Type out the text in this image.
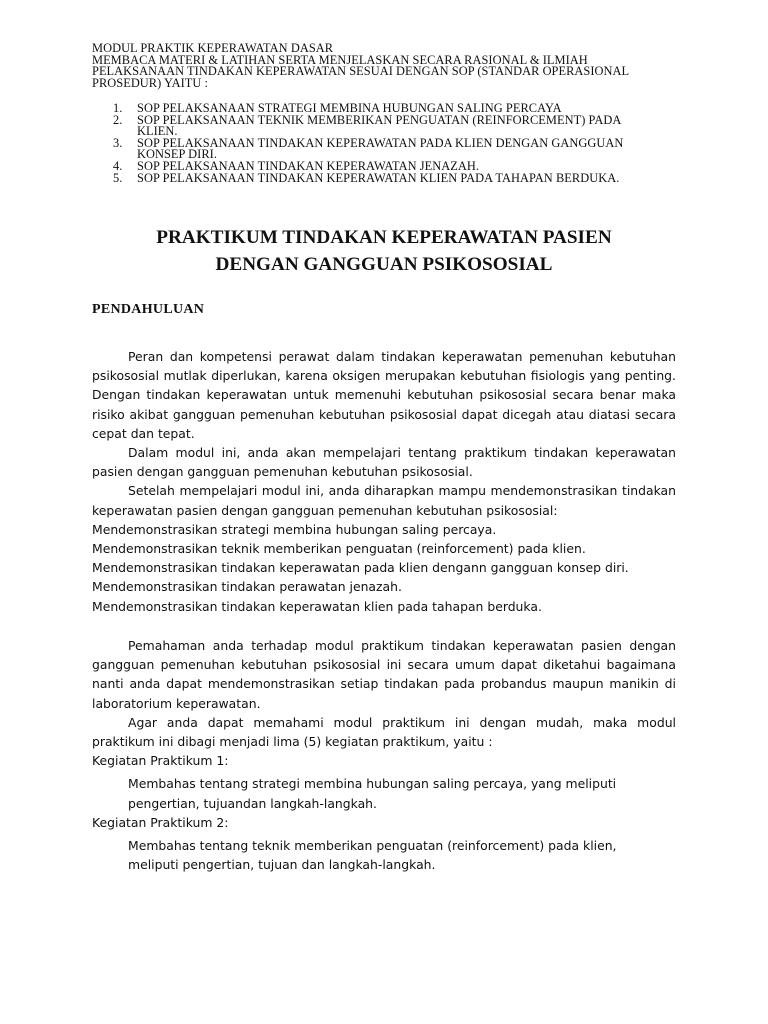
MODUL PRAKTIK KEPERAWATAN DASAR
MEMBACA MATERI & LATIHAN SERTA MENJELASKAN SECARA RASIONAL & ILMIAH
PELAKSANAAN TINDAKAN KEPERAWATAN SESUAI DENGAN SOP (STANDAR OPERASIONAL
PROSEDUR) YAITU :
1.	SOP PELAKSANAAN STRATEGI MEMBINA HUBUNGAN SALING PERCAYA
2.	SOP PELAKSANAAN TEKNIK MEMBERIKAN PENGUATAN (REINFORCEMENT) PADA
KLIEN.
3.	SOP PELAKSANAAN TINDAKAN KEPERAWATAN PADA KLIEN DENGAN GANGGUAN
KONSEP DIRI.
4.	SOP PELAKSANAAN TINDAKAN KEPERAWATAN JENAZAH.
5.	SOP PELAKSANAAN TINDAKAN KEPERAWATAN KLIEN PADA TAHAPAN BERDUKA.
PRAKTIKUM TINDAKAN KEPERAWATAN PASIEN
DENGAN GANGGUAN PSIKOSOSIAL
PENDAHULUAN

Peran dan kompetensi perawat dalam tindakan keperawatan pemenuhan kebutuhan psikososial mutlak diperlukan, karena oksigen merupakan kebutuhan fisiologis yang penting. Dengan tindakan keperawatan untuk memenuhi kebutuhan psikososial secara benar maka risiko akibat gangguan pemenuhan kebutuhan psikososial dapat dicegah atau diatasi secara cepat dan tepat.

Dalam modul ini, anda akan mempelajari tentang praktikum tindakan keperawatan pasien dengan gangguan pemenuhan kebutuhan psikososial.

Setelah mempelajari modul ini, anda diharapkan mampu mendemonstrasikan tindakan keperawatan pasien dengan gangguan pemenuhan kebutuhan psikososial:

Mendemonstrasikan strategi membina hubungan saling percaya.

Mendemonstrasikan teknik memberikan penguatan (reinforcement) pada klien.

Mendemonstrasikan tindakan keperawatan pada klien dengann gangguan konsep diri.

Mendemonstrasikan tindakan perawatan jenazah.

Mendemonstrasikan tindakan keperawatan klien pada tahapan berduka.

Pemahaman anda terhadap modul praktikum tindakan keperawatan pasien dengan gangguan pemenuhan kebutuhan psikososial ini secara umum dapat diketahui bagaimana nanti anda dapat mendemonstrasikan setiap tindakan pada probandus maupun manikin di laboratorium keperawatan.

Agar anda dapat memahami modul praktikum ini dengan mudah, maka modul praktikum ini dibagi menjadi lima (5) kegiatan praktikum, yaitu :

Kegiatan Praktikum 1:

Membahas tentang strategi membina hubungan saling percaya, yang meliputi
pengertian, tujuandan langkah-langkah.

Kegiatan Praktikum 2:

Membahas tentang teknik memberikan penguatan (reinforcement) pada klien,
meliputi pengertian, tujuan dan langkah-langkah.
